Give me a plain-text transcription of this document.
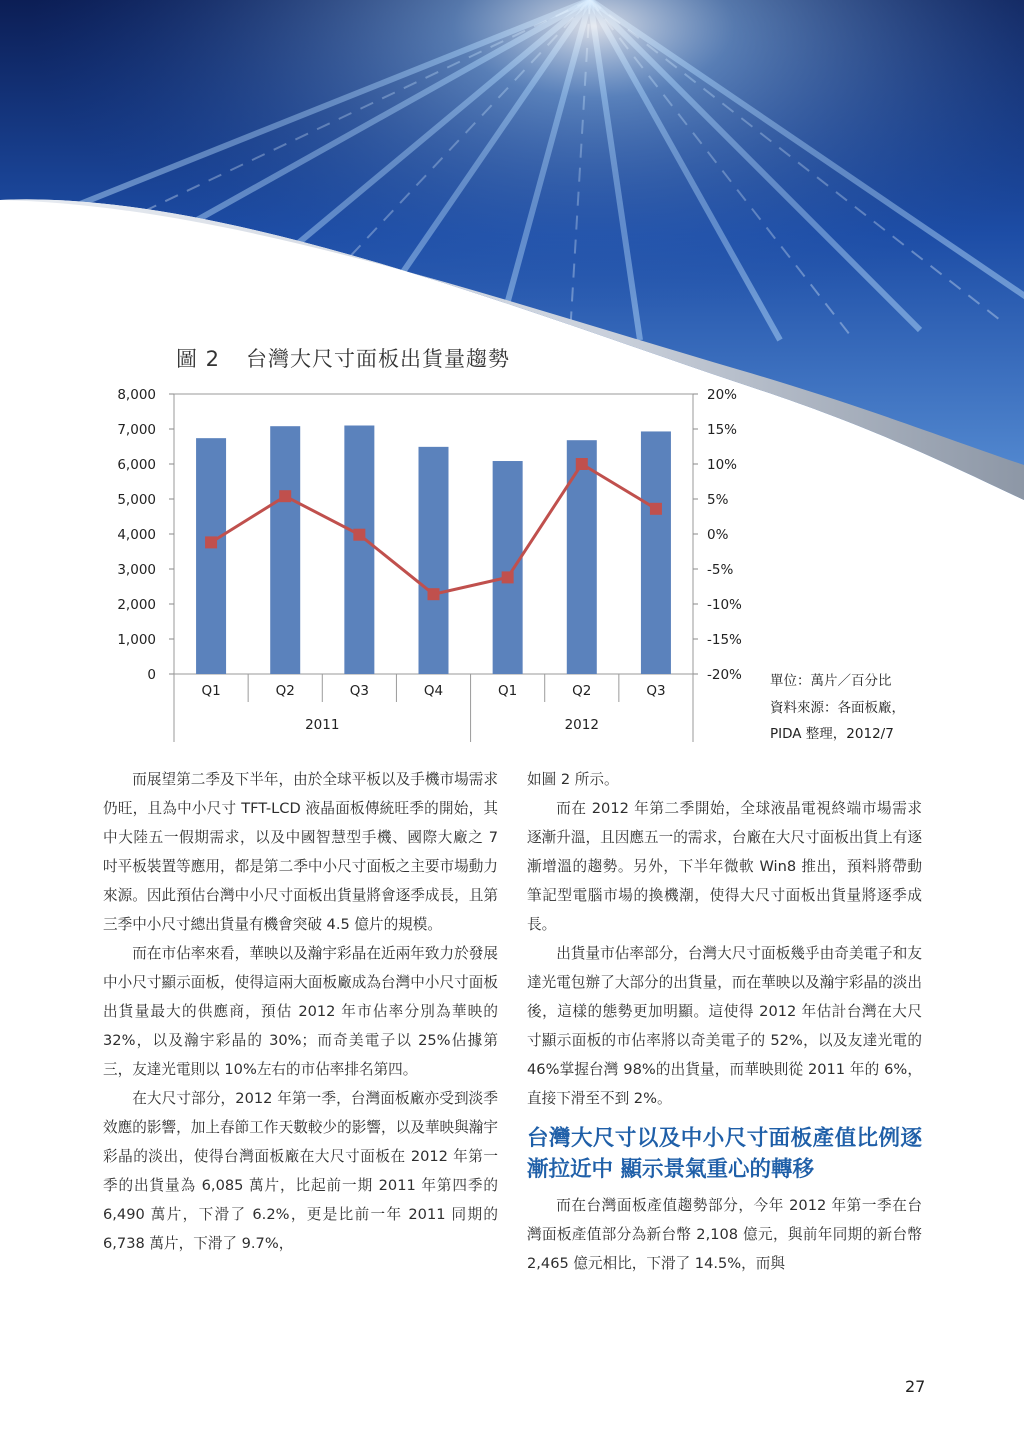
圖 2 台灣大尺寸面板出貨量趨勢
0
1,000
2,000
3,000
4,000
5,000
6,000
7,000
8,000
-20%
-15%
-10%
-5%
0%
5%
10%
15%
20%
Q1	Q2	Q3	Q4	Q1	Q2	Q3
2011	2012
單位：萬片／百分比
資料來源：各面板廠，
PIDA 整理，2012/7

而展望第二季及下半年，由於全球平板以及手機市場需求仍旺，且為中小尺寸 TFT-LCD 液晶面板傳統旺季的開始，其中大陸五一假期需求，以及中國智慧型手機、國際大廠之 7 吋平板裝置等應用，都是第二季中小尺寸面板之主要市場動力來源。因此預估台灣中小尺寸面板出貨量將會逐季成長，且第三季中小尺寸總出貨量有機會突破 4.5 億片的規模。

而在市佔率來看，華映以及瀚宇彩晶在近兩年致力於發展中小尺寸顯示面板，使得這兩大面板廠成為台灣中小尺寸面板出貨量最大的供應商，預估 2012 年市佔率分別為華映的 32%，以及瀚宇彩晶的 30%；而奇美電子以 25%佔據第三，友達光電則以 10%左右的市佔率排名第四。

在大尺寸部分，2012 年第一季，台灣面板廠亦受到淡季效應的影響，加上春節工作天數較少的影響，以及華映與瀚宇彩晶的淡出，使得台灣面板廠在大尺寸面板在 2012 年第一季的出貨量為 6,085 萬片，比起前一期 2011 年第四季的 6,490 萬片，下滑了 6.2%，更是比前一年 2011 同期的 6,738 萬片，下滑了 9.7%，

如圖 2 所示。

而在 2012 年第二季開始，全球液晶電視終端市場需求逐漸升溫，且因應五一的需求，台廠在大尺寸面板出貨上有逐漸增溫的趨勢。另外，下半年微軟 Win8 推出，預料將帶動筆記型電腦市場的換機潮，使得大尺寸面板出貨量將逐季成長。

出貨量市佔率部分，台灣大尺寸面板幾乎由奇美電子和友達光電包辦了大部分的出貨量，而在華映以及瀚宇彩晶的淡出後，這樣的態勢更加明顯。這使得 2012 年估計台灣在大尺寸顯示面板的市佔率將以奇美電子的 52%，以及友達光電的 46%掌握台灣 98%的出貨量，而華映則從 2011 年的 6%，直接下滑至不到 2%。

台灣大尺寸以及中小尺寸面板產值比例逐漸拉近中 顯示景氣重心的轉移

而在台灣面板產值趨勢部分，今年 2012 年第一季在台灣面板產值部分為新台幣 2,108 億元，與前年同期的新台幣 2,465 億元相比，下滑了 14.5%，而與

27
